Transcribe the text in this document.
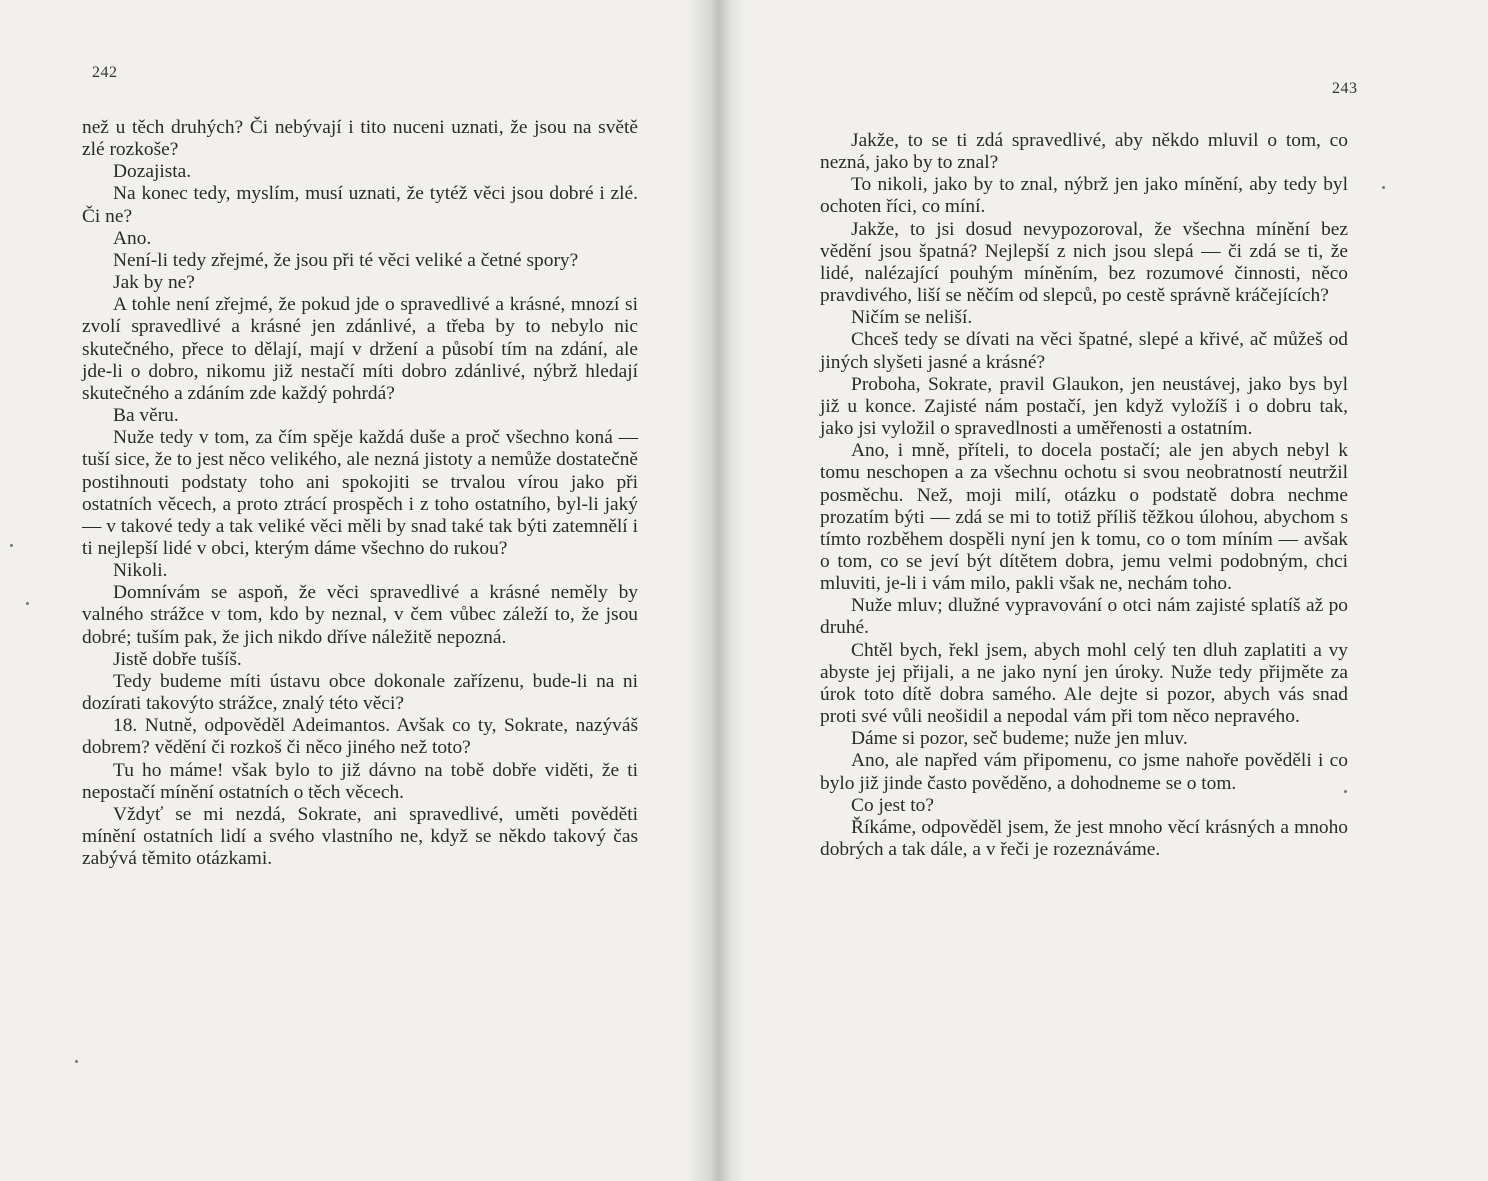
242

než u těch druhých? Či nebývají i tito nuceni uznati, že jsou na světě zlé rozkoše?

Dozajista.

Na konec tedy, myslím, musí uznati, že tytéž věci jsou dobré i zlé. Či ne?

Ano.

Není-li tedy zřejmé, že jsou při té věci veliké a četné spory?

Jak by ne?

A tohle není zřejmé, že pokud jde o spravedlivé a krásné, mnozí si zvolí spravedlivé a krásné jen zdánlivé, a třeba by to nebylo nic skutečného, přece to dělají, mají v držení a působí tím na zdání, ale jde-li o dobro, nikomu již nestačí míti dobro zdánlivé, nýbrž hledají skutečného a zdáním zde každý pohrdá?

Ba věru.

Nuže tedy v tom, za čím spěje každá duše a proč všechno koná — tuší sice, že to jest něco velikého, ale nezná jistoty a nemůže dostatečně postihnouti podstaty toho ani spokojiti se trvalou vírou jako při ostatních věcech, a proto ztrácí prospěch i z toho ostatního, byl-li jaký — v takové tedy a tak veliké věci měli by snad také tak býti zatemnělí i ti nejlepší lidé v obci, kterým dáme všechno do rukou?

Nikoli.

Domnívám se aspoň, že věci spravedlivé a krásné neměly by valného strážce v tom, kdo by neznal, v čem vůbec záleží to, že jsou dobré; tuším pak, že jich nikdo dříve náležitě nepozná.

Jistě dobře tušíš.

Tedy budeme míti ústavu obce dokonale zařízenu, bude-li na ni dozírati takovýto strážce, znalý této věci?

18. Nutně, odpověděl Adeimantos. Avšak co ty, Sokrate, nazýváš dobrem? vědění či rozkoš či něco jiného než toto?

Tu ho máme! však bylo to již dávno na tobě dobře viděti, že ti nepostačí mínění ostatních o těch věcech.

Vždyť se mi nezdá, Sokrate, ani spravedlivé, uměti pověděti mínění ostatních lidí a svého vlastního ne, když se někdo takový čas zabývá těmito otázkami.

243

Jakže, to se ti zdá spravedlivé, aby někdo mluvil o tom, co nezná, jako by to znal?

To nikoli, jako by to znal, nýbrž jen jako mínění, aby tedy byl ochoten říci, co míní.

Jakže, to jsi dosud nevypozoroval, že všechna mínění bez vědění jsou špatná? Nejlepší z nich jsou slepá — či zdá se ti, že lidé, nalézající pouhým míněním, bez rozumové činnosti, něco pravdivého, liší se něčím od slepců, po cestě správně kráčejících?

Ničím se neliší.

Chceš tedy se dívati na věci špatné, slepé a křivé, ač můžeš od jiných slyšeti jasné a krásné?

Proboha, Sokrate, pravil Glaukon, jen neustávej, jako bys byl již u konce. Zajisté nám postačí, jen když vyložíš i o dobru tak, jako jsi vyložil o spravedlnosti a uměřenosti a ostatním.

Ano, i mně, příteli, to docela postačí; ale jen abych nebyl k tomu neschopen a za všechnu ochotu si svou neobratností neutržil posměchu. Než, moji milí, otázku o podstatě dobra nechme prozatím býti — zdá se mi to totiž příliš těžkou úlohou, abychom s tímto rozběhem dospěli nyní jen k tomu, co o tom míním — avšak o tom, co se jeví být dítětem dobra, jemu velmi podobným, chci mluviti, je-li i vám milo, pakli však ne, nechám toho.

Nuže mluv; dlužné vypravování o otci nám zajisté splatíš až po druhé.

Chtěl bych, řekl jsem, abych mohl celý ten dluh zaplatiti a vy abyste jej přijali, a ne jako nyní jen úroky. Nuže tedy přijměte za úrok toto dítě dobra samého. Ale dejte si pozor, abych vás snad proti své vůli neošidil a nepodal vám při tom něco nepravého.

Dáme si pozor, seč budeme; nuže jen mluv.

Ano, ale napřed vám připomenu, co jsme nahoře pověděli i co bylo již jinde často pověděno, a dohodneme se o tom.

Co jest to?

Říkáme, odpověděl jsem, že jest mnoho věcí krásných a mnoho dobrých a tak dále, a v řeči je rozeznáváme.
